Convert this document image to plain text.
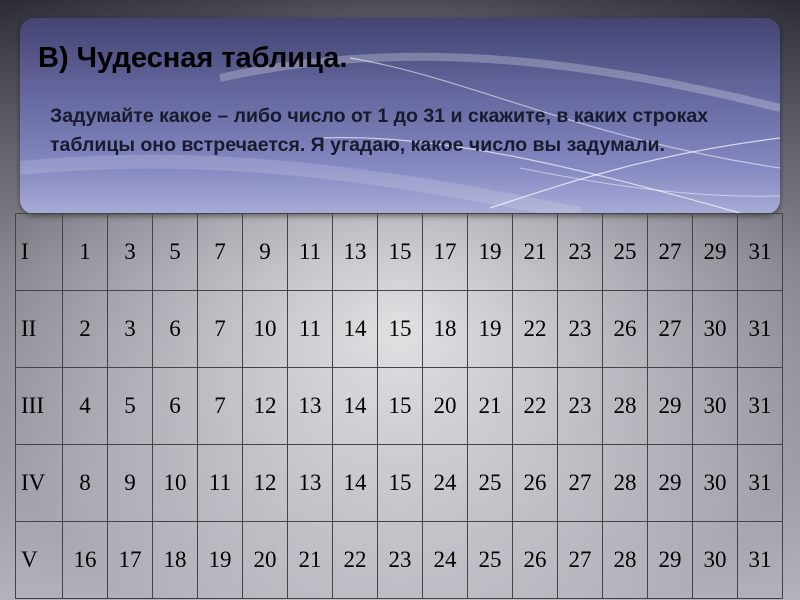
В) Чудесная таблица.

Задумайте какое – либо число от 1 до 31 и скажите, в каких строках таблицы оно встречается. Я угадаю, какое число вы задумали.

I	1	3	5	7	9	11	13	15	17	19	21	23	25	27	29	31
II	2	3	6	7	10	11	14	15	18	19	22	23	26	27	30	31
III	4	5	6	7	12	13	14	15	20	21	22	23	28	29	30	31
IV	8	9	10	11	12	13	14	15	24	25	26	27	28	29	30	31
V	16	17	18	19	20	21	22	23	24	25	26	27	28	29	30	31
